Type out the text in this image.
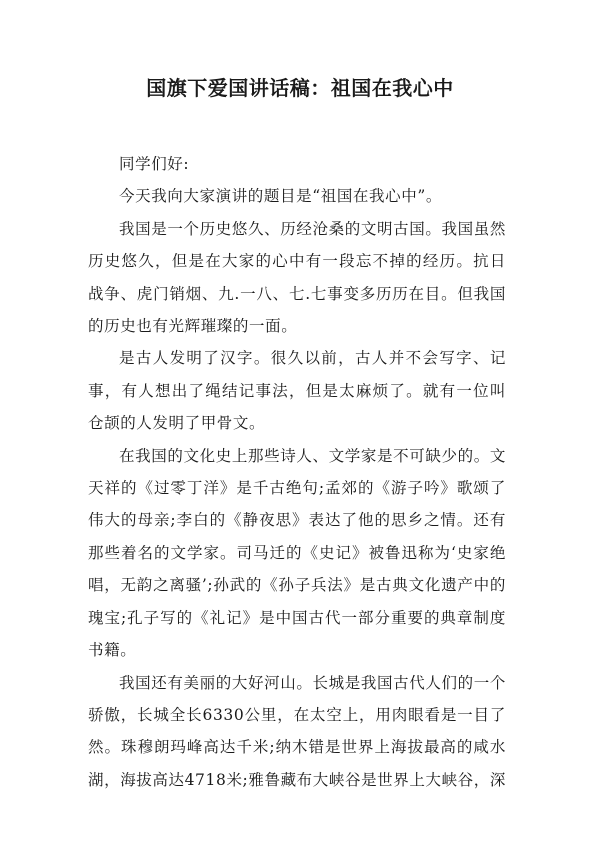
国旗下爱国讲话稿：祖国在我心中

同学们好:

今天我向大家演讲的题目是“祖国在我心中”。

我国是一个历史悠久、历经沧桑的文明古国。我国虽然历史悠久，但是在大家的心中有一段忘不掉的经历。抗日战争、虎门销烟、九.一八、七.七事变多历历在目。但我国的历史也有光辉璀璨的一面。

是古人发明了汉字。很久以前，古人并不会写字、记事，有人想出了绳结记事法，但是太麻烦了。就有一位叫仓颉的人发明了甲骨文。

在我国的文化史上那些诗人、文学家是不可缺少的。文天祥的《过零丁洋》是千古绝句;孟郊的《游子吟》歌颂了伟大的母亲;李白的《静夜思》表达了他的思乡之情。还有那些着名的文学家。司马迁的《史记》被鲁迅称为‘史家绝唱，无韵之离骚’;孙武的《孙子兵法》是古典文化遗产中的瑰宝;孔子写的《礼记》是中国古代一部分重要的典章制度书籍。

我国还有美丽的大好河山。长城是我国古代人们的一个骄傲，长城全长6330公里，在太空上，用肉眼看是一目了然。珠穆朗玛峰高达千米;纳木错是世界上海拔最高的咸水湖，海拔高达4718米;雅鲁藏布大峡谷是世界上大峡谷，深
